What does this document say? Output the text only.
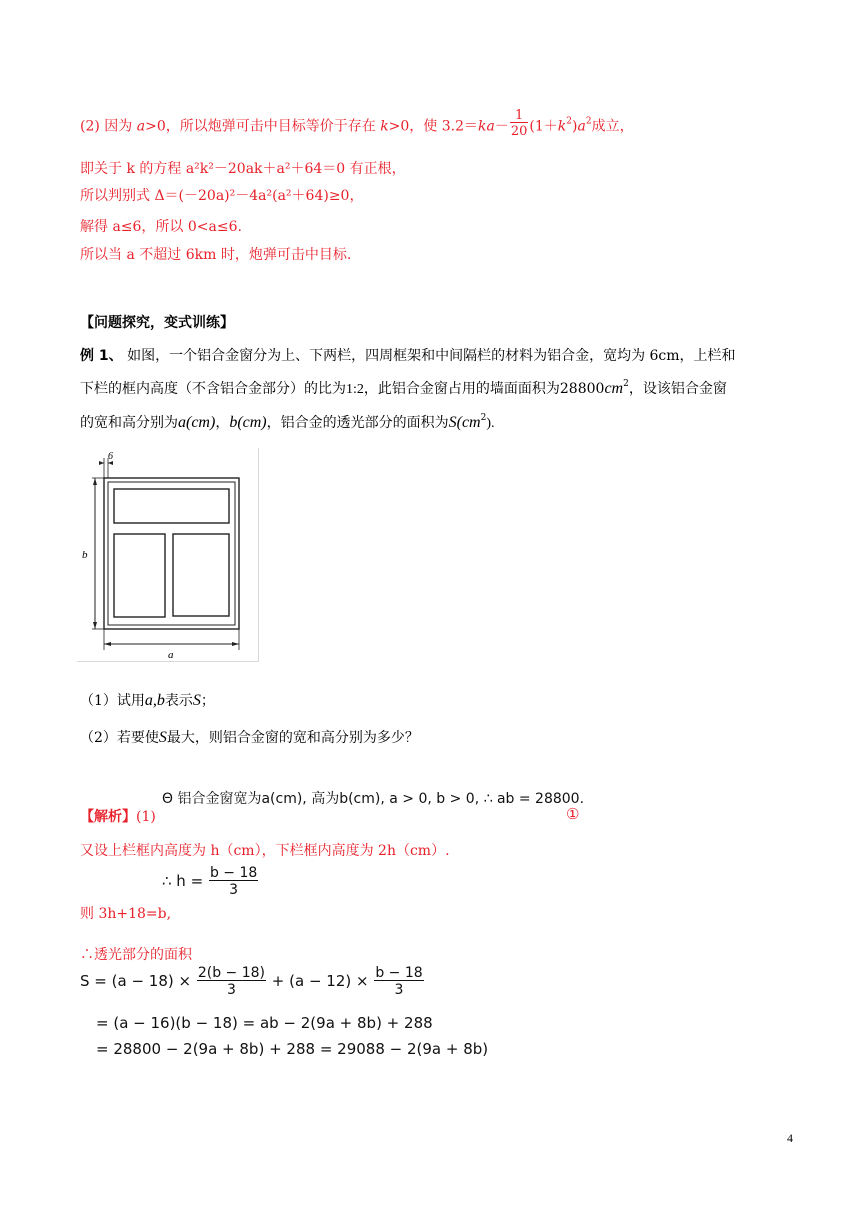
(2) 因为 a>0，所以炮弹可击中目标等价于存在 k>0，使 $3.2=ka- \frac{1}{20} (1+k^2)a^2$成立，
即关于 k 的方程 a²k²－20ak＋a²＋64＝0 有正根，
所以判别式 Δ＝(－20a)²－4a²(a²＋64)≥0，
解得 a≤6，所以 0<a≤6.
所以当 a 不超过 6km 时，炮弹可击中目标.
【问题探究，变式训练】
例 1、 如图，一个铝合金窗分为上、下两栏，四周框架和中间隔栏的材料为铝合金，宽均为 6cm，上栏和
下栏的框内高度（不含铝合金部分）的比为1:2，此铝合金窗占用的墙面面积为$28800cm^2$，设该铝合金窗
的宽和高分别为a(cm)，b(cm)，铝合金的透光部分的面积为$S(cm^2)$.
6
b
a
（1）试用a,b表示S；
（2）若要使S最大，则铝合金窗的宽和高分别为多少？
【解析】(1)
Θ 铝合金窗宽为a(cm), 高为b(cm), a > 0, b > 0, ∴ ab = 28800.
①
又设上栏框内高度为 h（cm），下栏框内高度为 2h（cm）.
∴ $h = \frac{b - 18}{3}$
则 3h+18=b,
∴透光部分的面积
$S = (a - 18) \times \frac{2(b - 18)}{3} + (a - 12) \times \frac{b - 18}{3}$
= (a − 16)(b − 18) = ab − 2(9a + 8b) + 288
= 28800 − 2(9a + 8b) + 288 = 29088 − 2(9a + 8b)
4
